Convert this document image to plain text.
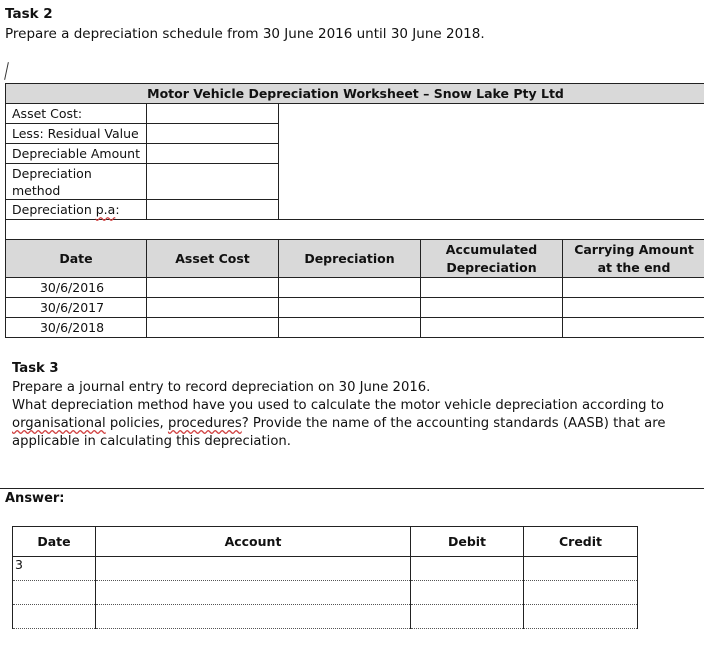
Task 2
Prepare a depreciation schedule from 30 June 2016 until 30 June 2018.
Motor Vehicle Depreciation Worksheet – Snow Lake Pty Ltd				
Asset Cost:				
Less: Residual Value				
Depreciable Amount				
Depreciation method				
Depreciation p.a:				

Date	Asset Cost	Depreciation	Accumulated Depreciation	Carrying Amount at the end
30/6/2016				
30/6/2017				
30/6/2018				
Task 3
Prepare a journal entry to record depreciation on 30 June 2016.
What depreciation method have you used to calculate the motor vehicle depreciation according to organisational policies, procedures? Provide the name of the accounting standards (AASB) that are applicable in calculating this depreciation.
Answer:
Date	Account	Debit	Credit
3			
